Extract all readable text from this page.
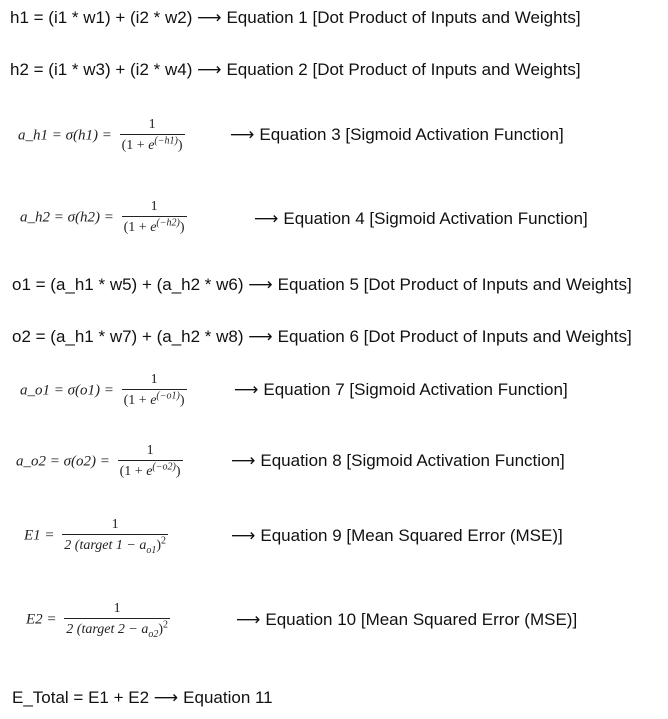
h1 = (i1 * w1) + (i2 * w2) ⟶ Equation 1 [Dot Product of Inputs and Weights]
h2 = (i1 * w3) + (i2 * w4) ⟶ Equation 2 [Dot Product of Inputs and Weights]
a_h1 = $\sigma(h1) = \frac{1}{(1 + e^{(-h1)})}$	⟶ Equation 3 [Sigmoid Activation Function]
a_h2 = $\sigma(h2) = \frac{1}{(1 + e^{(-h2)})}$	⟶ Equation 4 [Sigmoid Activation Function]
o1 = (a_h1 * w5) + (a_h2 * w6) ⟶ Equation 5 [Dot Product of Inputs and Weights]
o2 = (a_h1 * w7) + (a_h2 * w8) ⟶ Equation 6 [Dot Product of Inputs and Weights]
a_o1 = $\sigma(o1) = \frac{1}{(1 + e^{(-o1)})}$	⟶ Equation 7 [Sigmoid Activation Function]
a_o2 = $\sigma(o2) = \frac{1}{(1 + e^{(-o2)})}$	⟶ Equation 8 [Sigmoid Activation Function]
$E1 = \frac{1}{2 (target 1 - a_{o1})^2}$	⟶ Equation 9 [Mean Squared Error (MSE)]
$E2 = \frac{1}{2 (target 2 - a_{o2})^2}$	⟶ Equation 10 [Mean Squared Error (MSE)]
E_Total = E1 + E2 ⟶ Equation 11
